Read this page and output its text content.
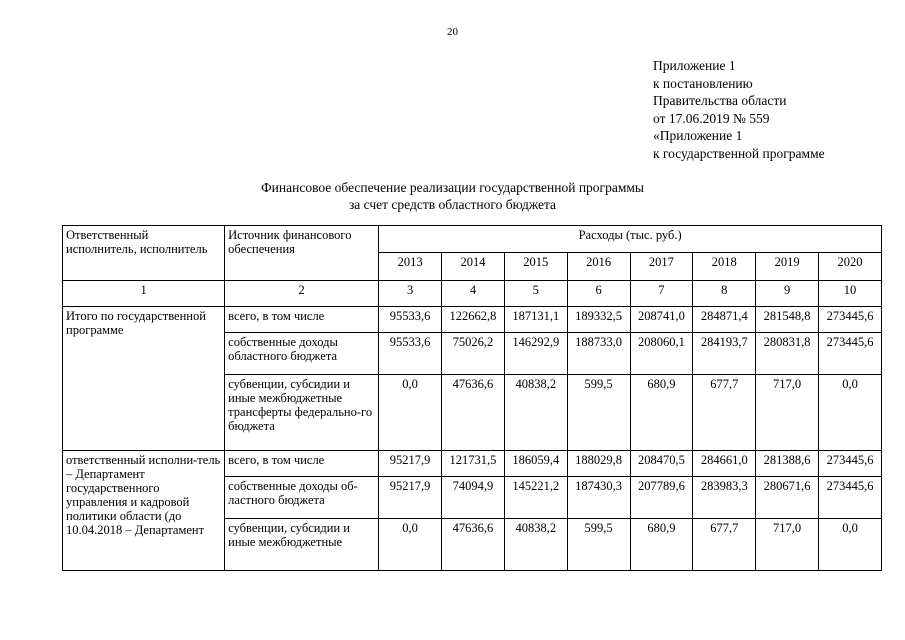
20
Приложение 1
к постановлению
Правительства области
от 17.06.2019 № 559
«Приложение 1
к государственной программе
Финансовое обеспечение реализации государственной программы
за счет средств областного бюджета
Ответственный исполнитель, исполнитель	Источник финансового обеспечения	Расходы (тыс. руб.)							
		2013	2014	2015	2016	2017	2018	2019	2020
1	2	3	4	5	6	7	8	9	10
Итого по государственной программе	всего, в том числе	95533,6	122662,8	187131,1	189332,5	208741,0	284871,4	281548,8	273445,6
	собственные доходы областного бюджета	95533,6	75026,2	146292,9	188733,0	208060,1	284193,7	280831,8	273445,6
	субвенции, субсидии и иные межбюджетные трансферты федерально-го бюджета	0,0	47636,6	40838,2	599,5	680,9	677,7	717,0	0,0
ответственный исполни-тель – Департамент государственного управления и кадровой политики области (до 10.04.2018 – Департамент	всего, в том числе	95217,9	121731,5	186059,4	188029,8	208470,5	284661,0	281388,6	273445,6
	собственные доходы об-ластного бюджета	95217,9	74094,9	145221,2	187430,3	207789,6	283983,3	280671,6	273445,6
	субвенции, субсидии и иные межбюджетные	0,0	47636,6	40838,2	599,5	680,9	677,7	717,0	0,0
